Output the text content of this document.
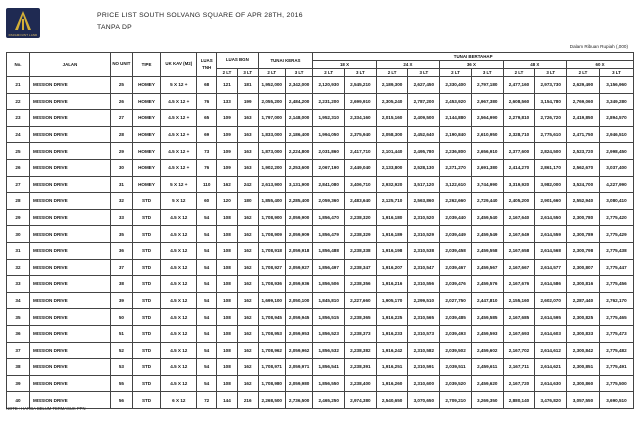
PARAMOUNT LAND
PRICE LIST SOUTH SOLVANG SQUARE OF APR 28TH, 2016
TANPA DP
Dalam Ribuan Rupiah (,000)
No.	JALAN	NO UNIT	TIPE	UK KAV (M2)	LUAS TNH	LUAS BGN		TUNAI KERAS		TUNAI BERTAHAP									
										18 X		24 X		36 X		48 X		60 X	
						2 LT	3 LT	2 LT	3 LT	2 LT	3 LT	2 LT	3 LT	2 LT	3 LT	2 LT	3 LT	2 LT	3 LT
21	MISSION DRIVE	25	HOMEY	5 X 12 +	68	121	181	1,952,000	2,342,000	2,120,930	2,545,210	2,189,300	2,627,450	2,330,400	2,797,180	2,477,160	2,973,730	2,629,490	3,156,960
22	MISSION DRIVE	26	HOMEY	4.5 X 12 +	76	133	199	2,055,200	2,484,200	2,231,200	2,699,910	2,305,240	2,787,200	2,453,920	2,967,380	2,608,560	3,154,780	2,769,060	3,349,280
23	MISSION DRIVE	27	HOMEY	4.5 X 12 +	65	109	163	1,797,000	2,148,000	1,952,310	2,334,160	2,015,160	2,409,500	2,144,880	2,564,990	2,279,810	2,726,720	2,419,850	2,894,570
24	MISSION DRIVE	28	HOMEY	4.5 X 12 +	69	109	163	1,833,000	2,186,400	1,994,050	2,375,940	2,058,300	2,452,640	2,190,840	2,610,950	2,328,710	2,775,610	2,471,750	2,946,510
25	MISSION DRIVE	29	HOMEY	4.5 X 12 +	73	109	163	1,873,000	2,224,800	2,031,860	2,417,710	2,101,440	2,495,780	2,236,800	2,656,910	2,377,600	2,824,500	2,523,720	2,998,450
26	MISSION DRIVE	30	HOMEY	4.5 X 12 +	76	109	163	1,902,200	2,253,600	2,067,190	2,449,040	2,133,800	2,528,130	2,271,270	2,691,380	2,414,270	2,861,170	2,562,670	3,037,400
27	MISSION DRIVE	31	HOMEY	5 X 12 +	110	162	242	2,613,900	3,131,900	2,841,080	3,406,710	2,932,920	3,517,120	3,122,610	3,744,990	3,319,920	3,982,000	3,524,700	4,227,990
28	MISSION DRIVE	32	STD	5 X 12	60	120	180	1,855,400	2,285,400	2,059,360	2,483,640	2,125,710	2,563,860	2,262,660	2,729,440	2,405,200	2,901,660	2,552,940	3,080,410
29	MISSION DRIVE	33	STD	4.5 X 12	54	108	162	1,708,900	2,059,900	1,856,470	2,238,320	1,916,180	2,310,520	2,039,440	2,459,540	2,167,640	2,614,550	2,300,780	2,775,420
30	MISSION DRIVE	35	STD	4.5 X 12	54	108	162	1,708,909	2,059,909	1,856,479	2,238,329	1,916,189	2,310,529	2,039,449	2,459,549	2,167,649	2,614,559	2,300,789	2,775,429
31	MISSION DRIVE	36	STD	4.5 X 12	54	108	162	1,708,918	2,059,918	1,856,488	2,238,338	1,916,198	2,310,538	2,039,458	2,459,558	2,167,658	2,614,568	2,300,798	2,775,438
32	MISSION DRIVE	37	STD	4.5 X 12	54	108	162	1,708,927	2,059,927	1,856,497	2,238,347	1,916,207	2,310,547	2,039,467	2,459,567	2,167,667	2,614,577	2,300,807	2,775,447
33	MISSION DRIVE	38	STD	4.5 X 12	54	108	162	1,708,936	2,059,936	1,856,506	2,238,356	1,916,216	2,310,556	2,039,476	2,459,576	2,167,676	2,614,586	2,300,816	2,775,456
34	MISSION DRIVE	39	STD	4.5 X 12	54	108	162	1,699,100	2,050,100	1,845,810	2,227,660	1,905,170	2,299,510	2,027,750	2,447,810	2,155,160	2,602,070	2,287,440	2,762,170
35	MISSION DRIVE	50	STD	4.5 X 12	54	108	162	1,708,945	2,059,945	1,856,515	2,238,365	1,916,225	2,310,565	2,039,485	2,459,585	2,167,685	2,614,595	2,300,825	2,775,465
36	MISSION DRIVE	51	STD	4.5 X 12	54	108	162	1,708,953	2,059,953	1,856,523	2,238,373	1,916,233	2,310,573	2,039,493	2,459,593	2,167,693	2,614,603	2,300,833	2,775,473
37	MISSION DRIVE	52	STD	4.5 X 12	54	108	162	1,708,962	2,059,962	1,856,532	2,238,382	1,916,242	2,310,582	2,039,502	2,459,602	2,167,702	2,614,612	2,300,842	2,775,482
38	MISSION DRIVE	53	STD	4.5 X 12	54	108	162	1,708,971	2,059,971	1,856,541	2,238,391	1,916,251	2,310,591	2,039,511	2,459,611	2,167,711	2,614,621	2,300,851	2,775,491
39	MISSION DRIVE	55	STD	4.5 X 12	54	108	162	1,708,980	2,059,980	1,856,550	2,238,400	1,916,260	2,310,600	2,039,520	2,459,620	2,167,720	2,614,630	2,300,860	2,775,500
40	MISSION DRIVE	56	STD	6 X 12	72	144	216	2,268,500	2,736,500	2,465,250	2,974,380	2,540,650	3,070,650	2,709,210	3,269,350	2,880,140	3,476,820	3,057,550	3,690,510
NOTE : HARGA BELUM TERMASUK PPN
